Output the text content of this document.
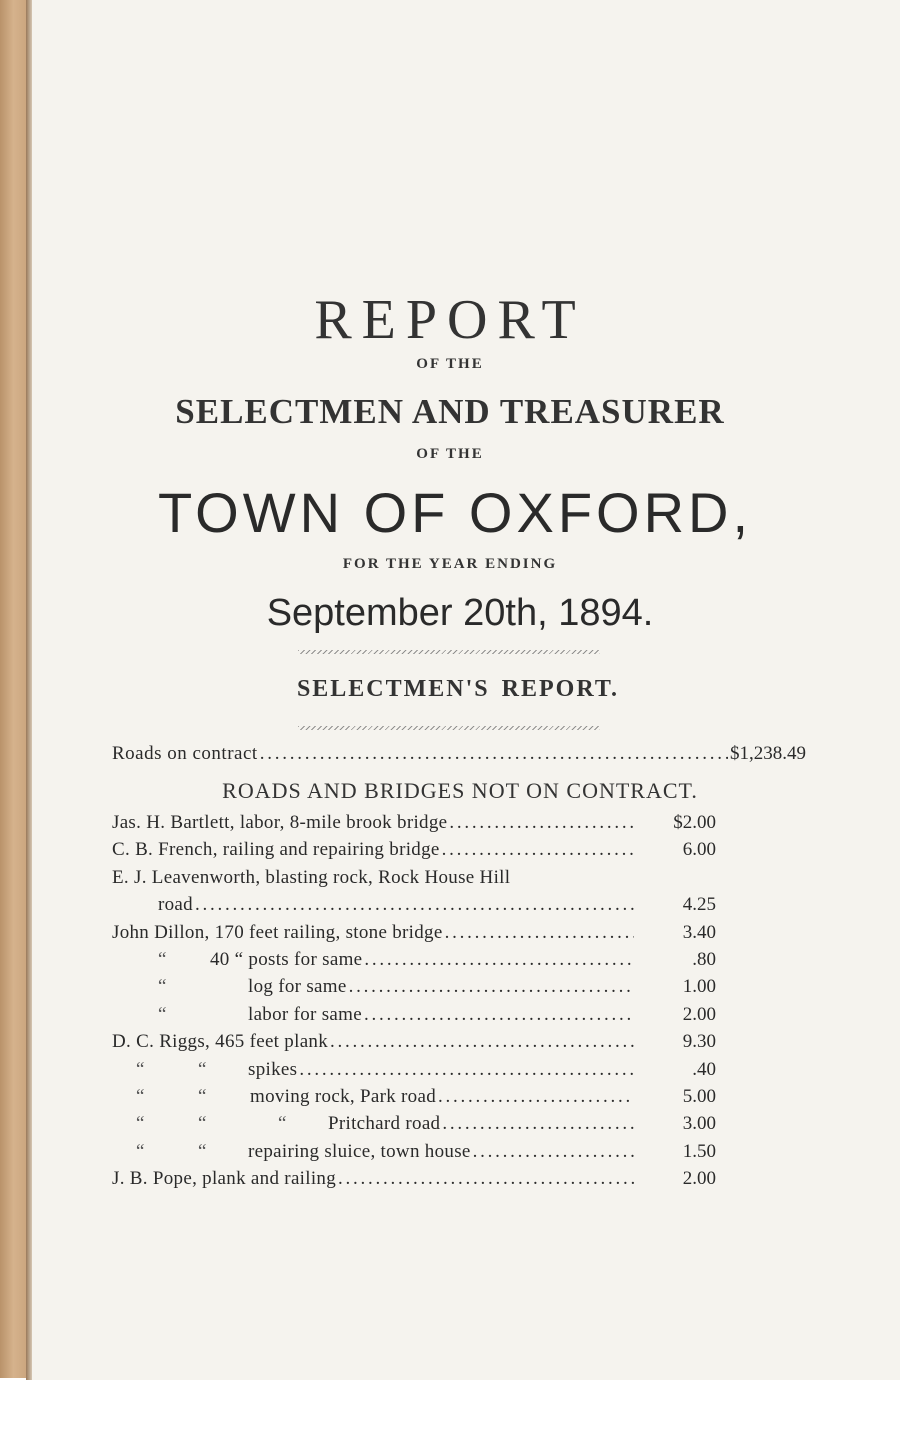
REPORT
OF THE
SELECTMEN AND TREASURER
OF THE
TOWN OF OXFORD,
FOR THE YEAR ENDING
September 20th, 1894.
SELECTMEN'S REPORT.
Roads on contract . . .	$1,238.49
ROADS AND BRIDGES NOT ON CONTRACT.
Jas. H. Bartlett, labor, 8-mile brook bridge . . .	$2.00
C. B. French, railing and repairing bridge . . .	6.00
E. J. Leavenworth, blasting rock, Rock House Hill
road . . .	4.25
John Dillon, 170 feet railing, stone bridge . . .	3.40
“	40 “ posts for same . . .	.80
“	log for same . . .	1.00
“	labor for same . . .	2.00
D. C. Riggs, 465 feet plank . . .	9.30
“	“	spikes . . .	.40
“	“	moving rock, Park road . . .	5.00
“	“	“	Pritchard road . . .	3.00
“	“	repairing sluice, town house . . .	1.50
J. B. Pope, plank and railing . . .	2.00
